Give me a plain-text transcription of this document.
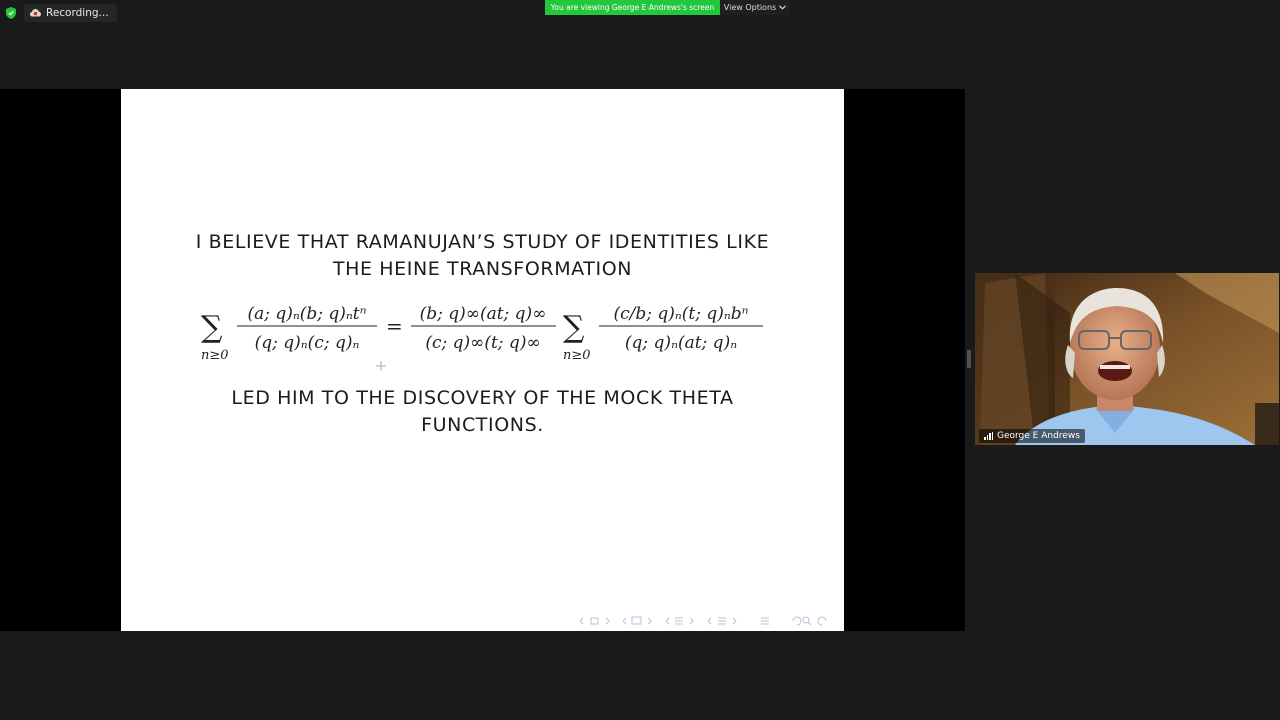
Recording...	You are viewing George E Andrews's screen	View Options
I BELIEVE THAT RAMANUJAN’S STUDY OF IDENTITIES LIKE
THE HEINE TRANSFORMATION
∑
n≥0
(a; q)ₙ(b; q)ₙtⁿ
(q; q)ₙ(c; q)ₙ
= (b; q)∞(at; q)∞
(c; q)∞(t; q)∞ ∑
n≥0
(c/b; q)ₙ(t; q)ₙbⁿ
(q; q)ₙ(at; q)ₙ
LED HIM TO THE DISCOVERY OF THE MOCK THETA
FUNCTIONS.	George E Andrews
